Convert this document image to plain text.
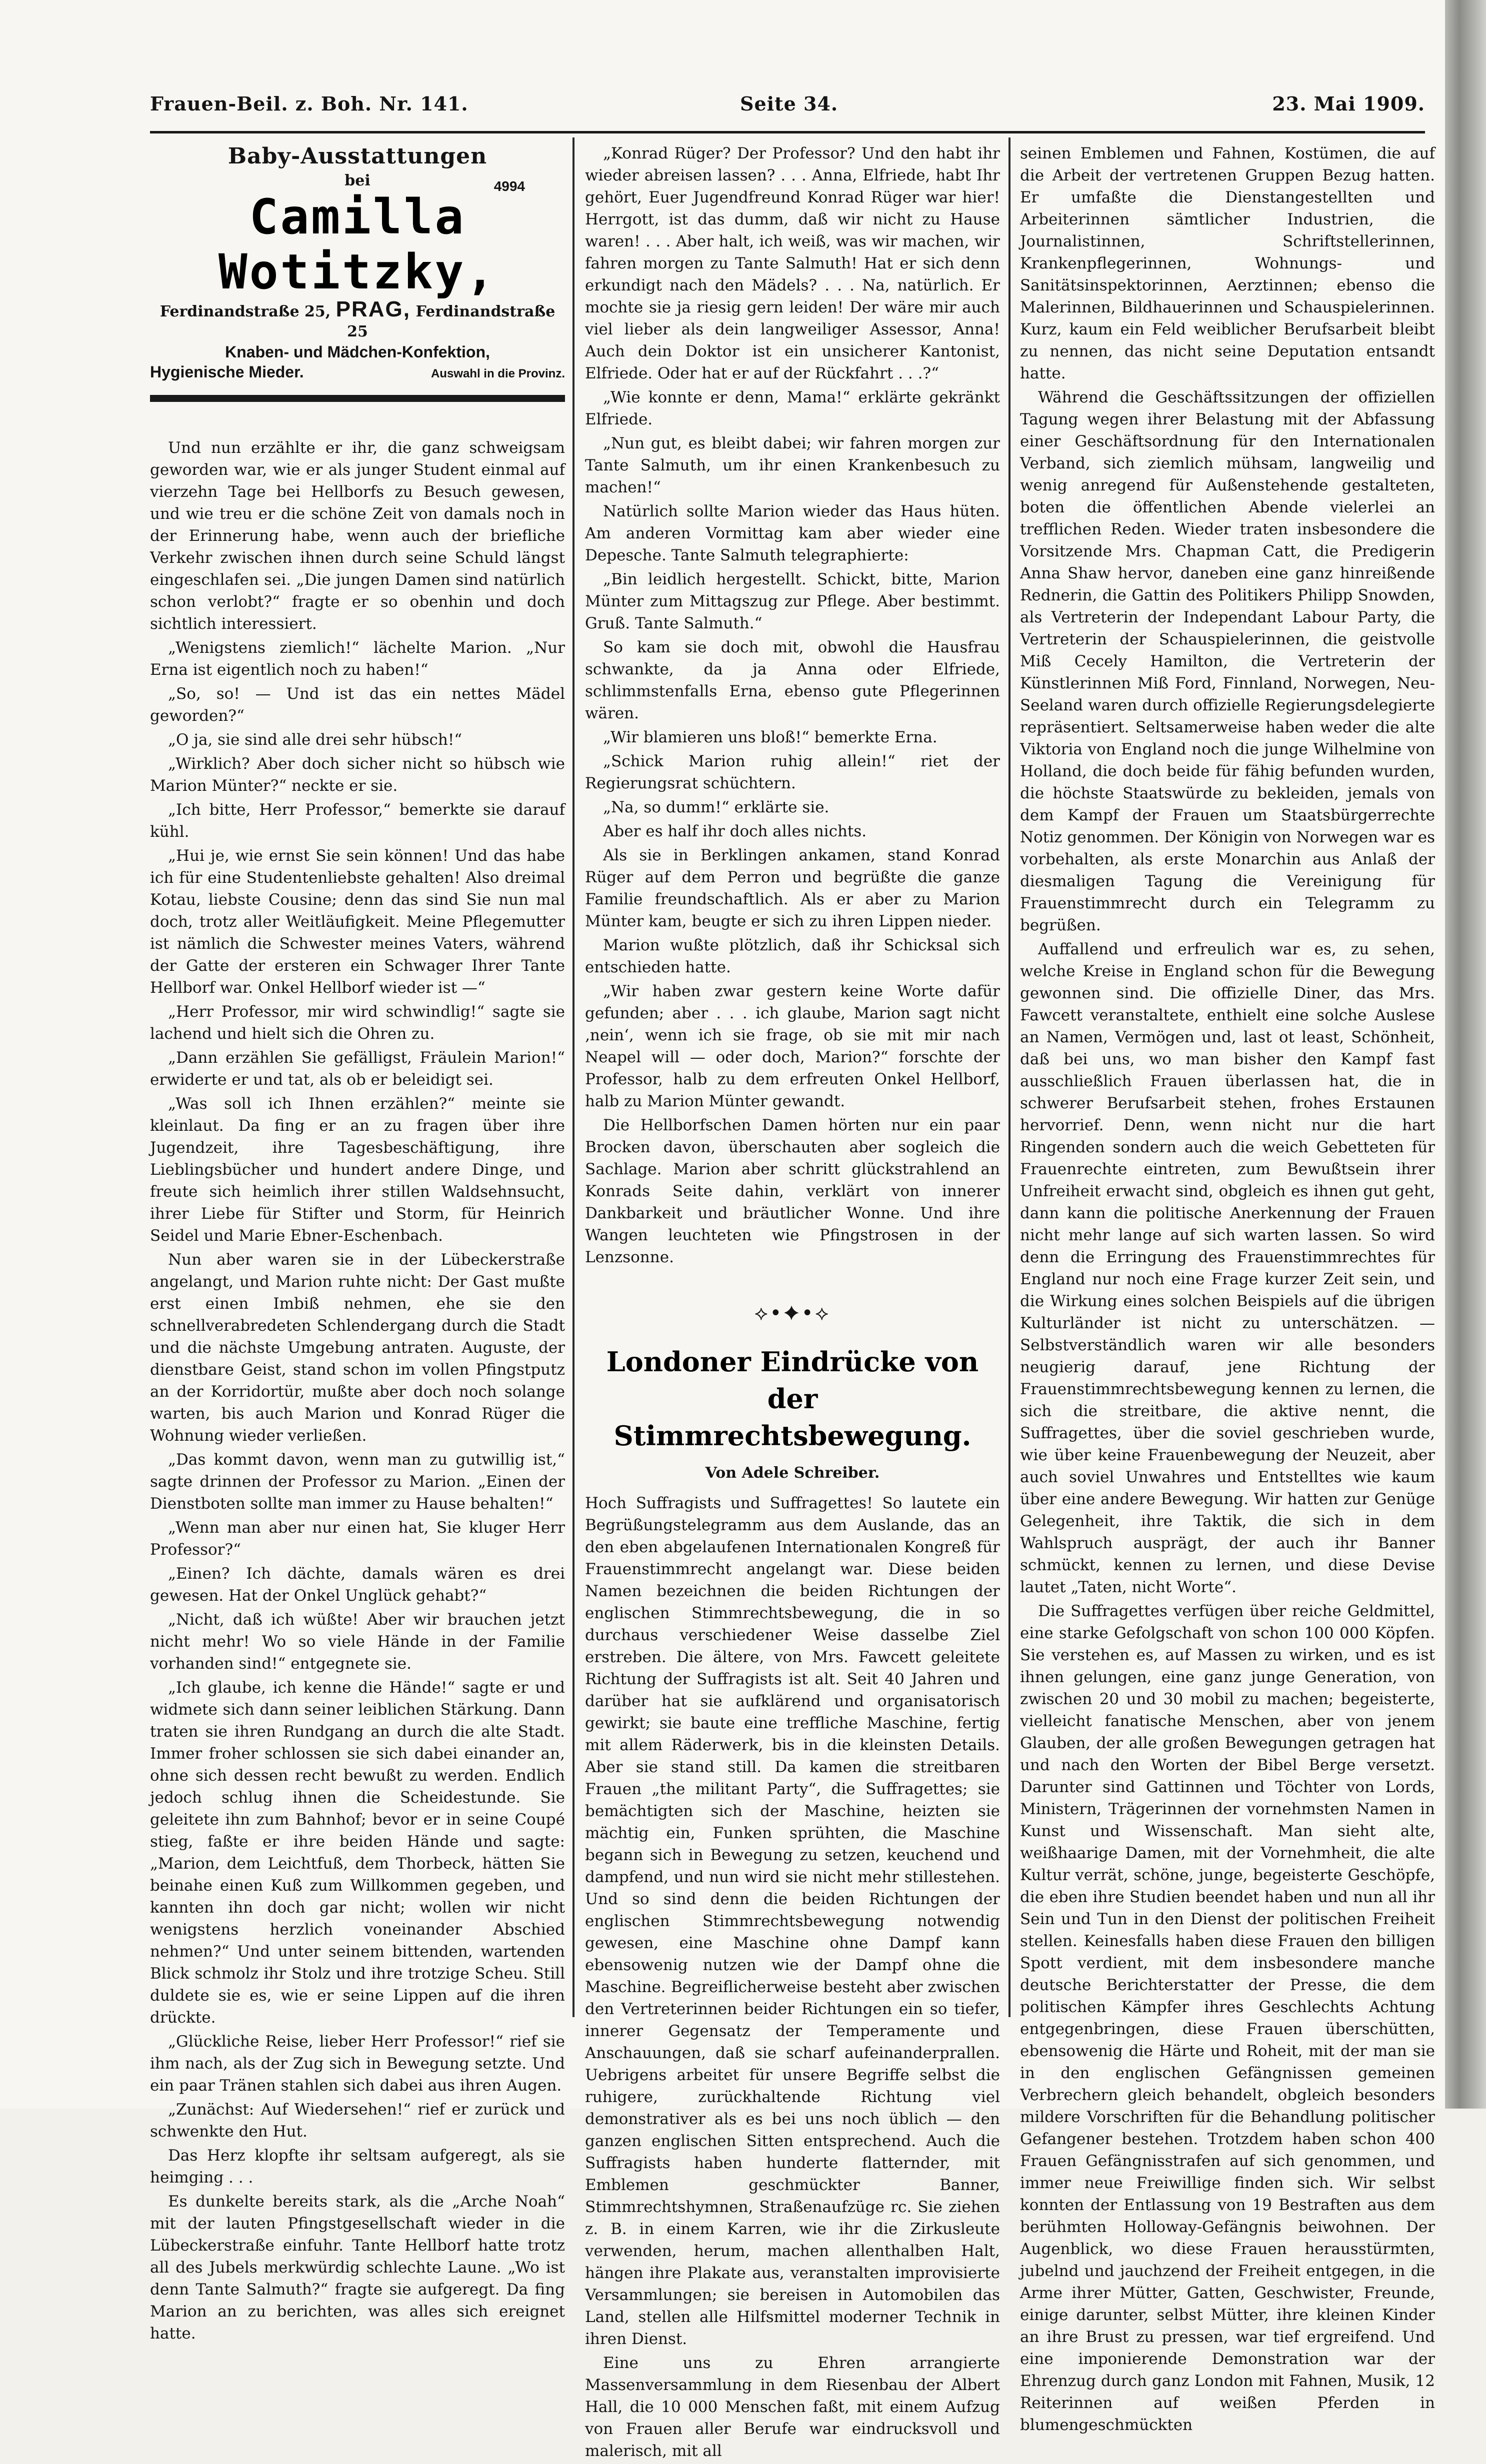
Frauen-Beil. z. Boh. Nr. 141.	Seite 34.	23. Mai 1909.
Baby-Ausstattungen
4994
bei
Camilla Wotitzky,
Ferdinandstraße 25, PRAG, Ferdinandstraße 25
Knaben- und Mädchen-Konfektion,
Hygienische Mieder.	Auswahl in die Provinz.

Und nun erzählte er ihr, die ganz schweigsam geworden war, wie er als junger Student einmal auf vierzehn Tage bei Hellborfs zu Besuch gewesen, und wie treu er die schöne Zeit von damals noch in der Erinnerung habe, wenn auch der briefliche Verkehr zwischen ihnen durch seine Schuld längst eingeschlafen sei. „Die jungen Damen sind natürlich schon verlobt?“ fragte er so obenhin und doch sichtlich interessiert.

„Wenigstens ziemlich!“ lächelte Marion. „Nur Erna ist eigentlich noch zu haben!“

„So, so! — Und ist das ein nettes Mädel geworden?“

„O ja, sie sind alle drei sehr hübsch!“

„Wirklich? Aber doch sicher nicht so hübsch wie Marion Münter?“ neckte er sie.

„Ich bitte, Herr Professor,“ bemerkte sie darauf kühl.

„Hui je, wie ernst Sie sein können! Und das habe ich für eine Studentenliebste gehalten! Also dreimal Kotau, liebste Cousine; denn das sind Sie nun mal doch, trotz aller Weitläufigkeit. Meine Pflegemutter ist nämlich die Schwester meines Vaters, während der Gatte der ersteren ein Schwager Ihrer Tante Hellborf war. Onkel Hellborf wieder ist —“

„Herr Professor, mir wird schwindlig!“ sagte sie lachend und hielt sich die Ohren zu.

„Dann erzählen Sie gefälligst, Fräulein Marion!“ erwiderte er und tat, als ob er beleidigt sei.

„Was soll ich Ihnen erzählen?“ meinte sie kleinlaut. Da fing er an zu fragen über ihre Jugendzeit, ihre Tagesbeschäftigung, ihre Lieblingsbücher und hundert andere Dinge, und freute sich heimlich ihrer stillen Waldsehnsucht, ihrer Liebe für Stifter und Storm, für Heinrich Seidel und Marie Ebner-Eschenbach.

Nun aber waren sie in der Lübeckerstraße angelangt, und Marion ruhte nicht: Der Gast mußte erst einen Imbiß nehmen, ehe sie den schnellverabredeten Schlendergang durch die Stadt und die nächste Umgebung antraten. Auguste, der dienstbare Geist, stand schon im vollen Pfingstputz an der Korridortür, mußte aber doch noch solange warten, bis auch Marion und Konrad Rüger die Wohnung wieder verließen.

„Das kommt davon, wenn man zu gutwillig ist,“ sagte drinnen der Professor zu Marion. „Einen der Dienstboten sollte man immer zu Hause behalten!“

„Wenn man aber nur einen hat, Sie kluger Herr Professor?“

„Einen? Ich dächte, damals wären es drei gewesen. Hat der Onkel Unglück gehabt?“

„Nicht, daß ich wüßte! Aber wir brauchen jetzt nicht mehr! Wo so viele Hände in der Familie vorhanden sind!“ entgegnete sie.

„Ich glaube, ich kenne die Hände!“ sagte er und widmete sich dann seiner leiblichen Stärkung. Dann traten sie ihren Rundgang an durch die alte Stadt. Immer froher schlossen sie sich dabei einander an, ohne sich dessen recht bewußt zu werden. Endlich jedoch schlug ihnen die Scheidestunde. Sie geleitete ihn zum Bahnhof; bevor er in seine Coupé stieg, faßte er ihre beiden Hände und sagte: „Marion, dem Leichtfuß, dem Thorbeck, hätten Sie beinahe einen Kuß zum Willkommen gegeben, und kannten ihn doch gar nicht; wollen wir nicht wenigstens herzlich voneinander Abschied nehmen?“ Und unter seinem bittenden, wartenden Blick schmolz ihr Stolz und ihre trotzige Scheu. Still duldete sie es, wie er seine Lippen auf die ihren drückte.

„Glückliche Reise, lieber Herr Professor!“ rief sie ihm nach, als der Zug sich in Bewegung setzte. Und ein paar Tränen stahlen sich dabei aus ihren Augen.

„Zunächst: Auf Wiedersehen!“ rief er zurück und schwenkte den Hut.

Das Herz klopfte ihr seltsam aufgeregt, als sie heimging . . .

Es dunkelte bereits stark, als die „Arche Noah“ mit der lauten Pfingstgesellschaft wieder in die Lübeckerstraße einfuhr. Tante Hellborf hatte trotz all des Jubels merkwürdig schlechte Laune. „Wo ist denn Tante Salmuth?“ fragte sie aufgeregt. Da fing Marion an zu berichten, was alles sich ereignet hatte.

„Konrad Rüger? Der Professor? Und den habt ihr wieder abreisen lassen? . . . Anna, Elfriede, habt Ihr gehört, Euer Jugendfreund Konrad Rüger war hier! Herrgott, ist das dumm, daß wir nicht zu Hause waren! . . . Aber halt, ich weiß, was wir machen, wir fahren morgen zu Tante Salmuth! Hat er sich denn erkundigt nach den Mädels? . . . Na, natürlich. Er mochte sie ja riesig gern leiden! Der wäre mir auch viel lieber als dein langweiliger Assessor, Anna! Auch dein Doktor ist ein unsicherer Kantonist, Elfriede. Oder hat er auf der Rückfahrt . . .?“

„Wie konnte er denn, Mama!“ erklärte gekränkt Elfriede.

„Nun gut, es bleibt dabei; wir fahren morgen zur Tante Salmuth, um ihr einen Krankenbesuch zu machen!“

Natürlich sollte Marion wieder das Haus hüten. Am anderen Vormittag kam aber wieder eine Depesche. Tante Salmuth telegraphierte:

„Bin leidlich hergestellt. Schickt, bitte, Marion Münter zum Mittagszug zur Pflege. Aber bestimmt. Gruß. Tante Salmuth.“

So kam sie doch mit, obwohl die Hausfrau schwankte, da ja Anna oder Elfriede, schlimmstenfalls Erna, ebenso gute Pflegerinnen wären.

„Wir blamieren uns bloß!“ bemerkte Erna.

„Schick Marion ruhig allein!“ riet der Regierungsrat schüchtern.

„Na, so dumm!“ erklärte sie.

Aber es half ihr doch alles nichts.

Als sie in Berklingen ankamen, stand Konrad Rüger auf dem Perron und begrüßte die ganze Familie freundschaftlich. Als er aber zu Marion Münter kam, beugte er sich zu ihren Lippen nieder.

Marion wußte plötzlich, daß ihr Schicksal sich entschieden hatte.

„Wir haben zwar gestern keine Worte dafür gefunden; aber . . . ich glaube, Marion sagt nicht ‚nein‘, wenn ich sie frage, ob sie mit mir nach Neapel will — oder doch, Marion?“ forschte der Professor, halb zu dem erfreuten Onkel Hellborf, halb zu Marion Münter gewandt.

Die Hellborfschen Damen hörten nur ein paar Brocken davon, überschauten aber sogleich die Sachlage. Marion aber schritt glückstrahlend an Konrads Seite dahin, verklärt von innerer Dankbarkeit und bräutlicher Wonne. Und ihre Wangen leuchteten wie Pfingstrosen in der Lenzsonne.

⟡•✦•⟡
Londoner Eindrücke von der
Stimmrechtsbewegung.
Von Adele Schreiber.

Hoch Suffragists und Suffragettes! So lautete ein Begrüßungstelegramm aus dem Auslande, das an den eben abgelaufenen Internationalen Kongreß für Frauenstimmrecht angelangt war. Diese beiden Namen bezeichnen die beiden Richtungen der englischen Stimmrechtsbewegung, die in so durchaus verschiedener Weise dasselbe Ziel erstreben. Die ältere, von Mrs. Fawcett geleitete Richtung der Suffragists ist alt. Seit 40 Jahren und darüber hat sie aufklärend und organisatorisch gewirkt; sie baute eine treffliche Maschine, fertig mit allem Räderwerk, bis in die kleinsten Details. Aber sie stand still. Da kamen die streitbaren Frauen „the militant Party“, die Suffragettes; sie bemächtigten sich der Maschine, heizten sie mächtig ein, Funken sprühten, die Maschine begann sich in Bewegung zu setzen, keuchend und dampfend, und nun wird sie nicht mehr stillestehen. Und so sind denn die beiden Richtungen der englischen Stimmrechtsbewegung notwendig gewesen, eine Maschine ohne Dampf kann ebensowenig nutzen wie der Dampf ohne die Maschine. Begreiflicherweise besteht aber zwischen den Vertreterinnen beider Richtungen ein so tiefer, innerer Gegensatz der Temperamente und Anschauungen, daß sie scharf aufeinanderprallen. Uebrigens arbeitet für unsere Begriffe selbst die ruhigere, zurückhaltende Richtung viel demonstrativer als es bei uns noch üblich — den ganzen englischen Sitten entsprechend. Auch die Suffragists haben hunderte flatternder, mit Emblemen geschmückter Banner, Stimmrechtshymnen, Straßenaufzüge rc. Sie ziehen z. B. in einem Karren, wie ihr die Zirkusleute verwenden, herum, machen allenthalben Halt, hängen ihre Plakate aus, veranstalten improvisierte Versammlungen; sie bereisen in Automobilen das Land, stellen alle Hilfsmittel moderner Technik in ihren Dienst.

Eine uns zu Ehren arrangierte Massenversammlung in dem Riesenbau der Albert Hall, die 10 000 Menschen faßt, mit einem Aufzug von Frauen aller Berufe war eindrucksvoll und malerisch, mit all

seinen Emblemen und Fahnen, Kostümen, die auf die Arbeit der vertretenen Gruppen Bezug hatten. Er umfaßte die Dienstangestellten und Arbeiterinnen sämtlicher Industrien, die Journalistinnen, Schriftstellerinnen, Krankenpflegerinnen, Wohnungs- und Sanitätsinspektorinnen, Aerztinnen; ebenso die Malerinnen, Bildhauerinnen und Schauspielerinnen. Kurz, kaum ein Feld weiblicher Berufsarbeit bleibt zu nennen, das nicht seine Deputation entsandt hatte.

Während die Geschäftssitzungen der offiziellen Tagung wegen ihrer Belastung mit der Abfassung einer Geschäftsordnung für den Internationalen Verband, sich ziemlich mühsam, langweilig und wenig anregend für Außenstehende gestalteten, boten die öffentlichen Abende vielerlei an trefflichen Reden. Wieder traten insbesondere die Vorsitzende Mrs. Chapman Catt, die Predigerin Anna Shaw hervor, daneben eine ganz hinreißende Rednerin, die Gattin des Politikers Philipp Snowden, als Vertreterin der Independant Labour Party, die Vertreterin der Schauspielerinnen, die geistvolle Miß Cecely Hamilton, die Vertreterin der Künstlerinnen Miß Ford, Finnland, Norwegen, Neu-Seeland waren durch offizielle Regierungsdelegierte repräsentiert. Seltsamerweise haben weder die alte Viktoria von England noch die junge Wilhelmine von Holland, die doch beide für fähig befunden wurden, die höchste Staatswürde zu bekleiden, jemals von dem Kampf der Frauen um Staatsbürgerrechte Notiz genommen. Der Königin von Norwegen war es vorbehalten, als erste Monarchin aus Anlaß der diesmaligen Tagung die Vereinigung für Frauenstimmrecht durch ein Telegramm zu begrüßen.

Auffallend und erfreulich war es, zu sehen, welche Kreise in England schon für die Bewegung gewonnen sind. Die offizielle Diner, das Mrs. Fawcett veranstaltete, enthielt eine solche Auslese an Namen, Vermögen und, last ot least, Schönheit, daß bei uns, wo man bisher den Kampf fast ausschließlich Frauen überlassen hat, die in schwerer Berufsarbeit stehen, frohes Erstaunen hervorrief. Denn, wenn nicht nur die hart Ringenden sondern auch die weich Gebetteten für Frauenrechte eintreten, zum Bewußtsein ihrer Unfreiheit erwacht sind, obgleich es ihnen gut geht, dann kann die politische Anerkennung der Frauen nicht mehr lange auf sich warten lassen. So wird denn die Erringung des Frauenstimmrechtes für England nur noch eine Frage kurzer Zeit sein, und die Wirkung eines solchen Beispiels auf die übrigen Kulturländer ist nicht zu unterschätzen. — Selbstverständlich waren wir alle besonders neugierig darauf, jene Richtung der Frauenstimmrechtsbewegung kennen zu lernen, die sich die streitbare, die aktive nennt, die Suffragettes, über die soviel geschrieben wurde, wie über keine Frauenbewegung der Neuzeit, aber auch soviel Unwahres und Entstelltes wie kaum über eine andere Bewegung. Wir hatten zur Genüge Gelegenheit, ihre Taktik, die sich in dem Wahlspruch ausprägt, der auch ihr Banner schmückt, kennen zu lernen, und diese Devise lautet „Taten, nicht Worte“.

Die Suffragettes verfügen über reiche Geldmittel, eine starke Gefolgschaft von schon 100 000 Köpfen. Sie verstehen es, auf Massen zu wirken, und es ist ihnen gelungen, eine ganz junge Generation, von zwischen 20 und 30 mobil zu machen; begeisterte, vielleicht fanatische Menschen, aber von jenem Glauben, der alle großen Bewegungen getragen hat und nach den Worten der Bibel Berge versetzt. Darunter sind Gattinnen und Töchter von Lords, Ministern, Trägerinnen der vornehmsten Namen in Kunst und Wissenschaft. Man sieht alte, weißhaarige Damen, mit der Vornehmheit, die alte Kultur verrät, schöne, junge, begeisterte Geschöpfe, die eben ihre Studien beendet haben und nun all ihr Sein und Tun in den Dienst der politischen Freiheit stellen. Keinesfalls haben diese Frauen den billigen Spott verdient, mit dem insbesondere manche deutsche Berichterstatter der Presse, die dem politischen Kämpfer ihres Geschlechts Achtung entgegenbringen, diese Frauen überschütten, ebensowenig die Härte und Roheit, mit der man sie in den englischen Gefängnissen gemeinen Verbrechern gleich behandelt, obgleich besonders mildere Vorschriften für die Behandlung politischer Gefangener bestehen. Trotzdem haben schon 400 Frauen Gefängnisstrafen auf sich genommen, und immer neue Freiwillige finden sich. Wir selbst konnten der Entlassung von 19 Bestraften aus dem berühmten Holloway-Gefängnis beiwohnen. Der Augenblick, wo diese Frauen herausstürmten, jubelnd und jauchzend der Freiheit entgegen, in die Arme ihrer Mütter, Gatten, Geschwister, Freunde, einige darunter, selbst Mütter, ihre kleinen Kinder an ihre Brust zu pressen, war tief ergreifend. Und eine imponierende Demonstration war der Ehrenzug durch ganz London mit Fahnen, Musik, 12 Reiterinnen auf weißen Pferden in blumengeschmückten
